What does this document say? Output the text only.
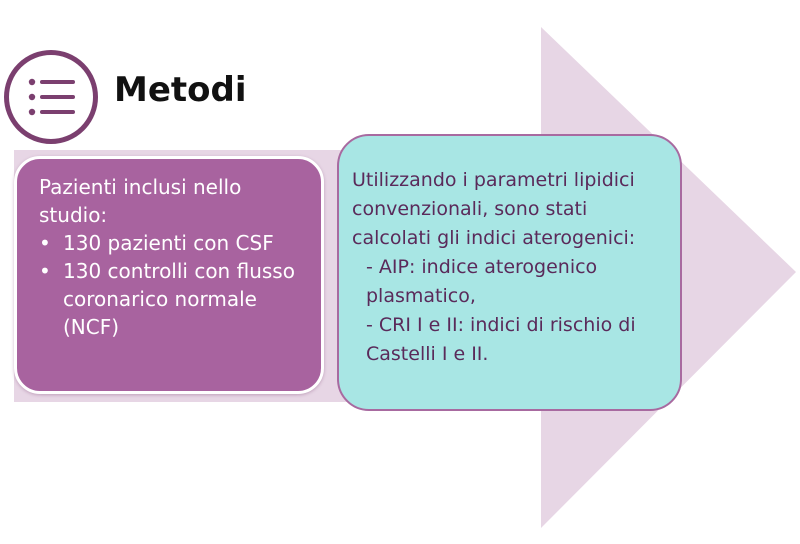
Metodi

Pazienti inclusi nello studio:

• 130 pazienti con CSF
• 130 controlli con flusso coronarico normale (NCF)

Utilizzando i parametri lipidici convenzionali, sono stati calcolati gli indici aterogenici:

- AIP: indice aterogenico plasmatico,
- CRI I e II: indici di rischio di Castelli I e II.
